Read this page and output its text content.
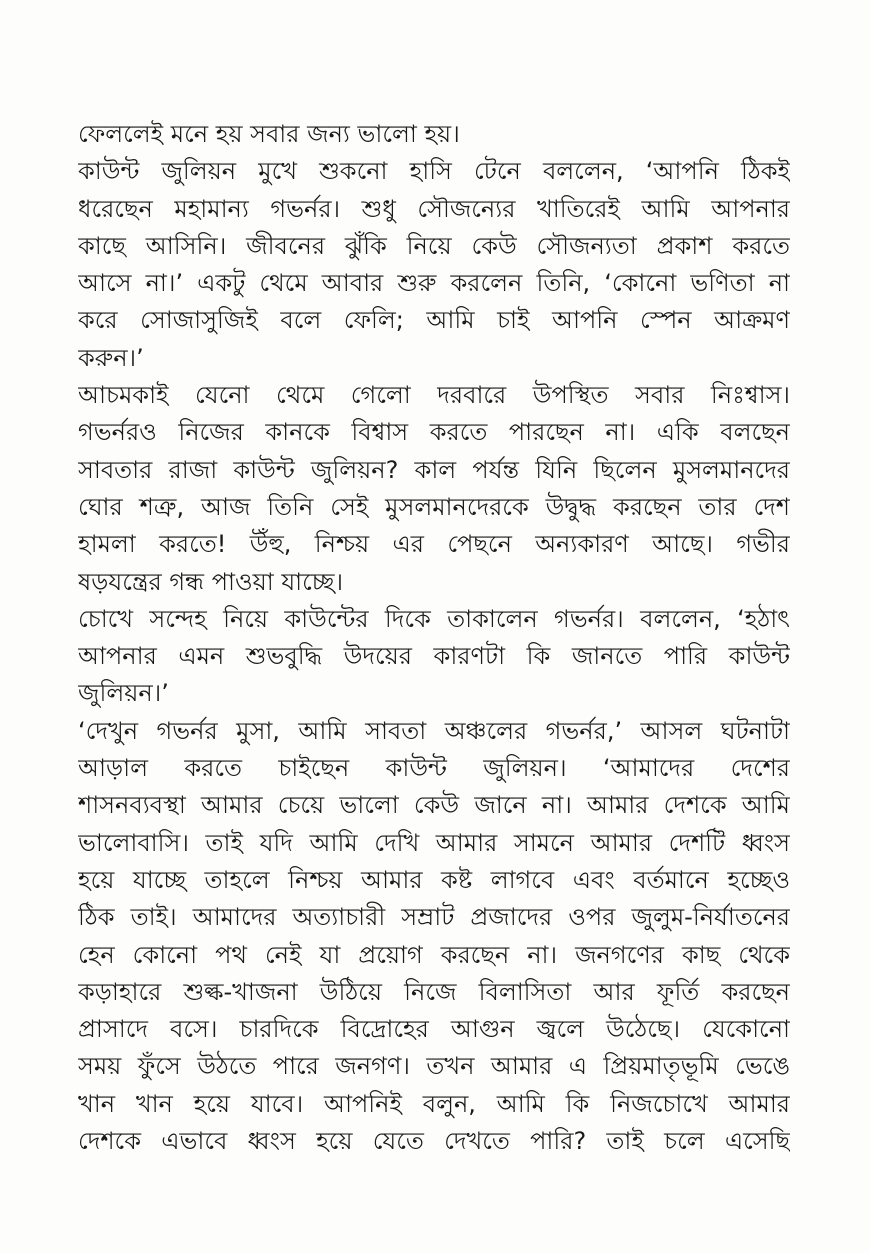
ফেললেই মনে হয় সবার জন্য ভালো হয়।
কাউন্ট জুলিয়ন মুখে শুকনো হাসি টেনে বললেন, ‘আপনি ঠিকই
ধরেছেন মহামান্য গভর্নর। শুধু সৌজন্যের খাতিরেই আমি আপনার
কাছে আসিনি। জীবনের ঝুঁকি নিয়ে কেউ সৌজন্যতা প্রকাশ করতে
আসে না।’ একটু থেমে আবার শুরু করলেন তিনি, ‘কোনো ভণিতা না
করে সোজাসুজিই বলে ফেলি; আমি চাই আপনি স্পেন আক্রমণ
করুন।’
আচমকাই যেনো থেমে গেলো দরবারে উপস্থিত সবার নিঃশ্বাস।
গভর্নরও নিজের কানকে বিশ্বাস করতে পারছেন না। একি বলছেন
সাবতার রাজা কাউন্ট জুলিয়ন? কাল পর্যন্ত যিনি ছিলেন মুসলমানদের
ঘোর শত্রু, আজ তিনি সেই মুসলমানদেরকে উদ্বুদ্ধ করছেন তার দেশ
হামলা করতে! উঁহু, নিশ্চয় এর পেছনে অন্যকারণ আছে। গভীর
ষড়যন্ত্রের গন্ধ পাওয়া যাচ্ছে।
চোখে সন্দেহ নিয়ে কাউন্টের দিকে তাকালেন গভর্নর। বললেন, ‘হঠাৎ
আপনার এমন শুভবুদ্ধি উদয়ের কারণটা কি জানতে পারি কাউন্ট
জুলিয়ন।’
‘দেখুন গভর্নর মুসা, আমি সাবতা অঞ্চলের গভর্নর,’ আসল ঘটনাটা
আড়াল করতে চাইছেন কাউন্ট জুলিয়ন। ‘আমাদের দেশের
শাসনব্যবস্থা আমার চেয়ে ভালো কেউ জানে না। আমার দেশকে আমি
ভালোবাসি। তাই যদি আমি দেখি আমার সামনে আমার দেশটি ধ্বংস
হয়ে যাচ্ছে তাহলে নিশ্চয় আমার কষ্ট লাগবে এবং বর্তমানে হচ্ছেও
ঠিক তাই। আমাদের অত্যাচারী সম্রাট প্রজাদের ওপর জুলুম-নির্যাতনের
হেন কোনো পথ নেই যা প্রয়োগ করছেন না। জনগণের কাছ থেকে
কড়াহারে শুল্ক-খাজনা উঠিয়ে নিজে বিলাসিতা আর ফূর্তি করছেন
প্রাসাদে বসে। চারদিকে বিদ্রোহের আগুন জ্বলে উঠেছে। যেকোনো
সময় ফুঁসে উঠতে পারে জনগণ। তখন আমার এ প্রিয়মাতৃভূমি ভেঙে
খান খান হয়ে যাবে। আপনিই বলুন, আমি কি নিজচোখে আমার
দেশকে এভাবে ধ্বংস হয়ে যেতে দেখতে পারি? তাই চলে এসেছি
